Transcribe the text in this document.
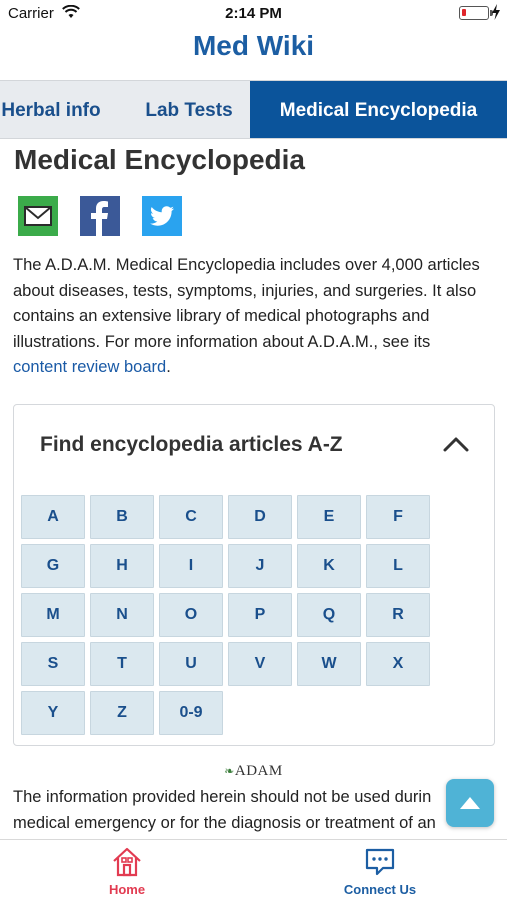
Carrier	2:14 PM
Med Wiki
Herbal info	Lab Tests	Medical Encyclopedia
Medical Encyclopedia

The A.D.A.M. Medical Encyclopedia includes over 4,000 articles about diseases, tests, symptoms, injuries, and surgeries. It also contains an extensive library of medical photographs and illustrations. For more information about A.D.A.M., see its content review board.

Find encyclopedia articles A-Z
A	B	C	D	E	F
G	H	I	J	K	L
M	N	O	P	Q	R
S	T	U	V	W	X
Y	Z	0-9
❧ADAM
The information provided herein should not be used durin
medical emergency or for the diagnosis or treatment of an
Home	Connect Us
